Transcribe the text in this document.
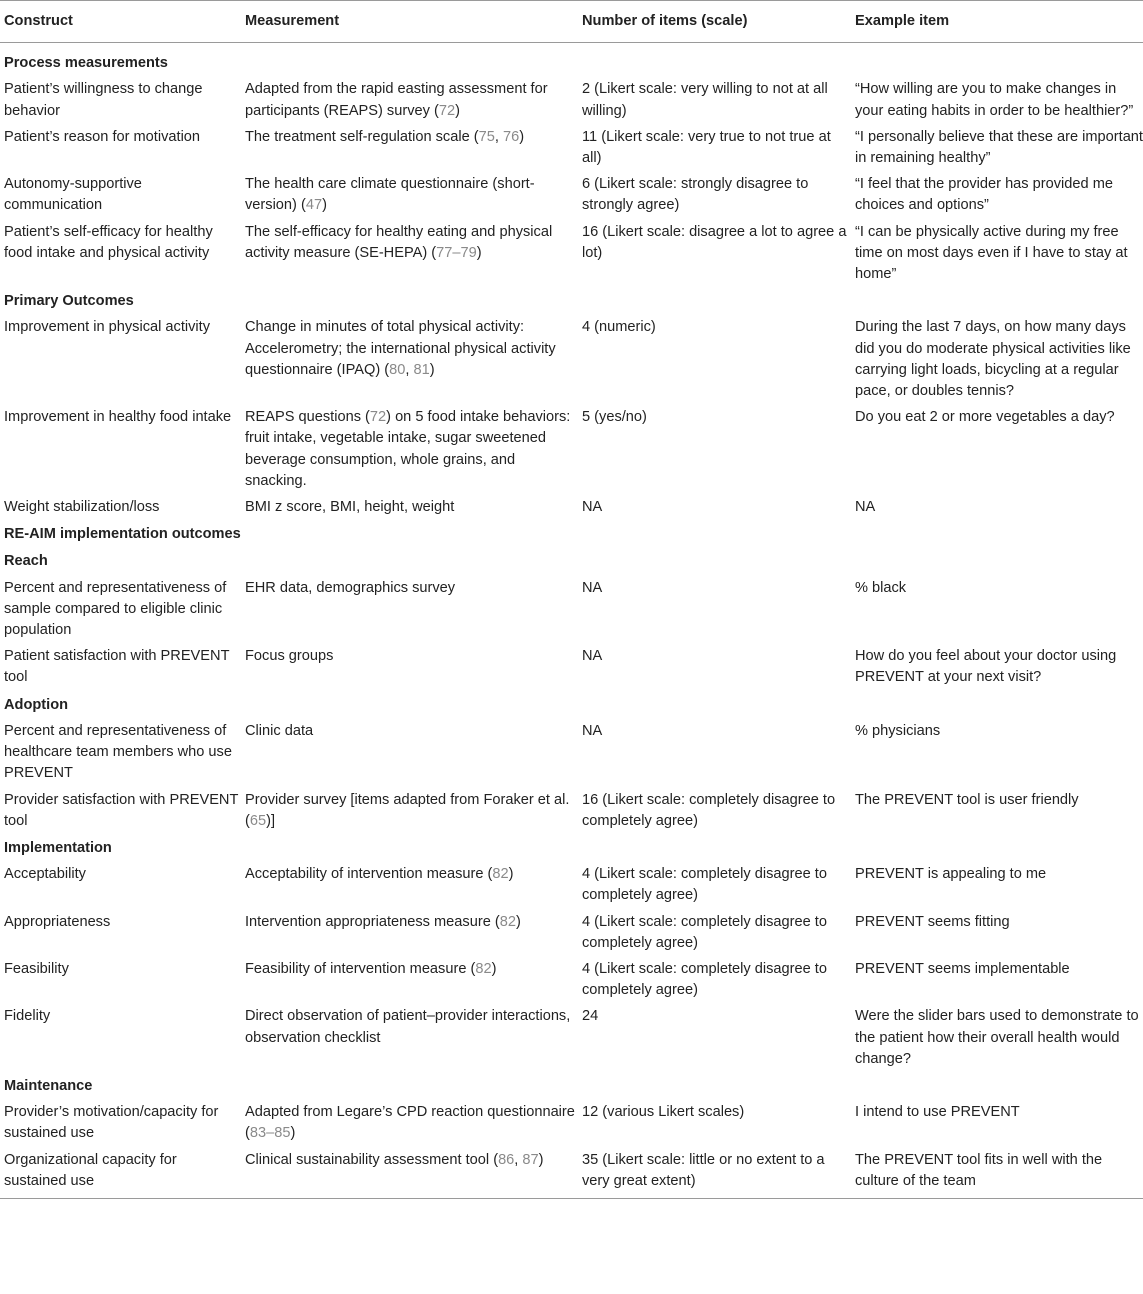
Construct	Measurement	Number of items (scale)	Example item
Process measurements			
Patient’s willingness to change behavior	Adapted from the rapid easting assessment for participants (REAPS) survey (72)	2 (Likert scale: very willing to not at all willing)	“How willing are you to make changes in your eating habits in order to be healthier?”
Patient’s reason for motivation	The treatment self-regulation scale (75, 76)	11 (Likert scale: very true to not true at all)	“I personally believe that these are important in remaining healthy”
Autonomy-supportive communication	The health care climate questionnaire (short-version) (47)	6 (Likert scale: strongly disagree to strongly agree)	“I feel that the provider has provided me choices and options”
Patient’s self-efficacy for healthy food intake and physical activity	The self-efficacy for healthy eating and physical activity measure (SE-HEPA) (77–79)	16 (Likert scale: disagree a lot to agree a lot)	“I can be physically active during my free time on most days even if I have to stay at home”
Primary Outcomes			
Improvement in physical activity	Change in minutes of total physical activity: Accelerometry; the international physical activity questionnaire (IPAQ) (80, 81)	4 (numeric)	During the last 7 days, on how many days did you do moderate physical activities like carrying light loads, bicycling at a regular pace, or doubles tennis?
Improvement in healthy food intake	REAPS questions (72) on 5 food intake behaviors: fruit intake, vegetable intake, sugar sweetened beverage consumption, whole grains, and snacking.	5 (yes/no)	Do you eat 2 or more vegetables a day?
Weight stabilization/loss	BMI z score, BMI, height, weight	NA	NA
RE-AIM implementation outcomes			
Reach			
Percent and representativeness of sample compared to eligible clinic population	EHR data, demographics survey	NA	% black
Patient satisfaction with PREVENT tool	Focus groups	NA	How do you feel about your doctor using PREVENT at your next visit?
Adoption			
Percent and representativeness of healthcare team members who use PREVENT	Clinic data	NA	% physicians
Provider satisfaction with PREVENT tool	Provider survey [items adapted from Foraker et al. (65)]	16 (Likert scale: completely disagree to completely agree)	The PREVENT tool is user friendly
Implementation			
Acceptability	Acceptability of intervention measure (82)	4 (Likert scale: completely disagree to completely agree)	PREVENT is appealing to me
Appropriateness	Intervention appropriateness measure (82)	4 (Likert scale: completely disagree to completely agree)	PREVENT seems fitting
Feasibility	Feasibility of intervention measure (82)	4 (Likert scale: completely disagree to completely agree)	PREVENT seems implementable
Fidelity	Direct observation of patient–provider interactions, observation checklist	24	Were the slider bars used to demonstrate to the patient how their overall health would change?
Maintenance			
Provider’s motivation/capacity for sustained use	Adapted from Legare’s CPD reaction questionnaire (83–85)	12 (various Likert scales)	I intend to use PREVENT
Organizational capacity for sustained use	Clinical sustainability assessment tool (86, 87)	35 (Likert scale: little or no extent to a very great extent)	The PREVENT tool fits in well with the culture of the team
